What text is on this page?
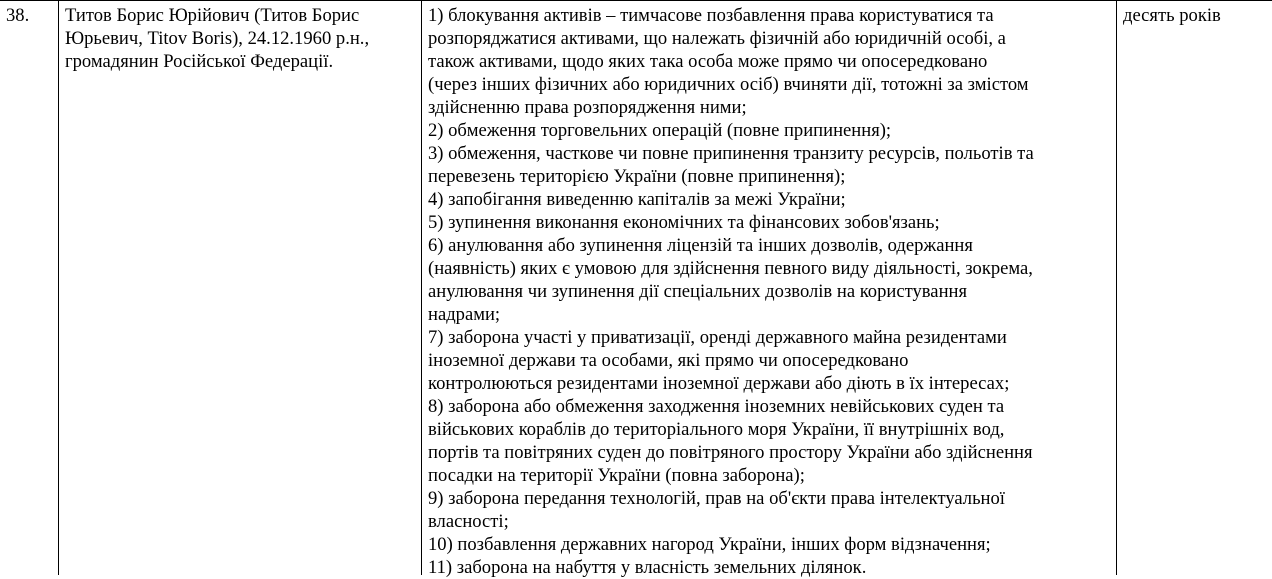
38.	Титов Борис Юрійович (Титов Борис
Юрьевич, Titov Boris), 24.12.1960 р.н.,
громадянин Російської Федерації.
1) блокування активів – тимчасове позбавлення права користуватися та
розпоряджатися активами, що належать фізичній або юридичній особі, а
також активами, щодо яких така особа може прямо чи опосередковано
(через інших фізичних або юридичних осіб) вчиняти дії, тотожні за змістом
здійсненню права розпорядження ними;
2) обмеження торговельних операцій (повне припинення);
3) обмеження, часткове чи повне припинення транзиту ресурсів, польотів та
перевезень територією України (повне припинення);
4) запобігання виведенню капіталів за межі України;
5) зупинення виконання економічних та фінансових зобов'язань;
6) анулювання або зупинення ліцензій та інших дозволів, одержання
(наявність) яких є умовою для здійснення певного виду діяльності, зокрема,
анулювання чи зупинення дії спеціальних дозволів на користування
надрами;
7) заборона участі у приватизації, оренді державного майна резидентами
іноземної держави та особами, які прямо чи опосередковано
контролюються резидентами іноземної держави або діють в їх інтересах;
8) заборона або обмеження заходження іноземних невійськових суден та
військових кораблів до територіального моря України, її внутрішніх вод,
портів та повітряних суден до повітряного простору України або здійснення
посадки на території України (повна заборона);
9) заборона передання технологій, прав на об'єкти права інтелектуальної
власності;
10) позбавлення державних нагород України, інших форм відзначення;
11) заборона на набуття у власність земельних ділянок.
десять років
